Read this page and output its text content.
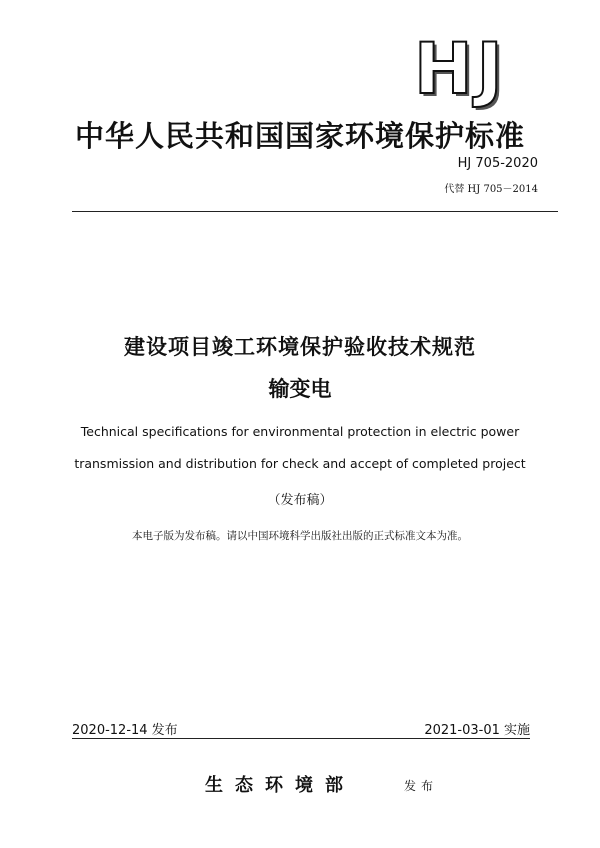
HJ
中华人民共和国国家环境保护标准
HJ 705-2020
代替 HJ 705－2014
建设项目竣工环境保护验收技术规范
输变电
Technical specifications for environmental protection in electric power
transmission and distribution for check and accept of completed project
（发布稿）
本电子版为发布稿。请以中国环境科学出版社出版的正式标准文本为准。
2020-12-14 发布	2021-03-01 实施
生态环境部	发布
